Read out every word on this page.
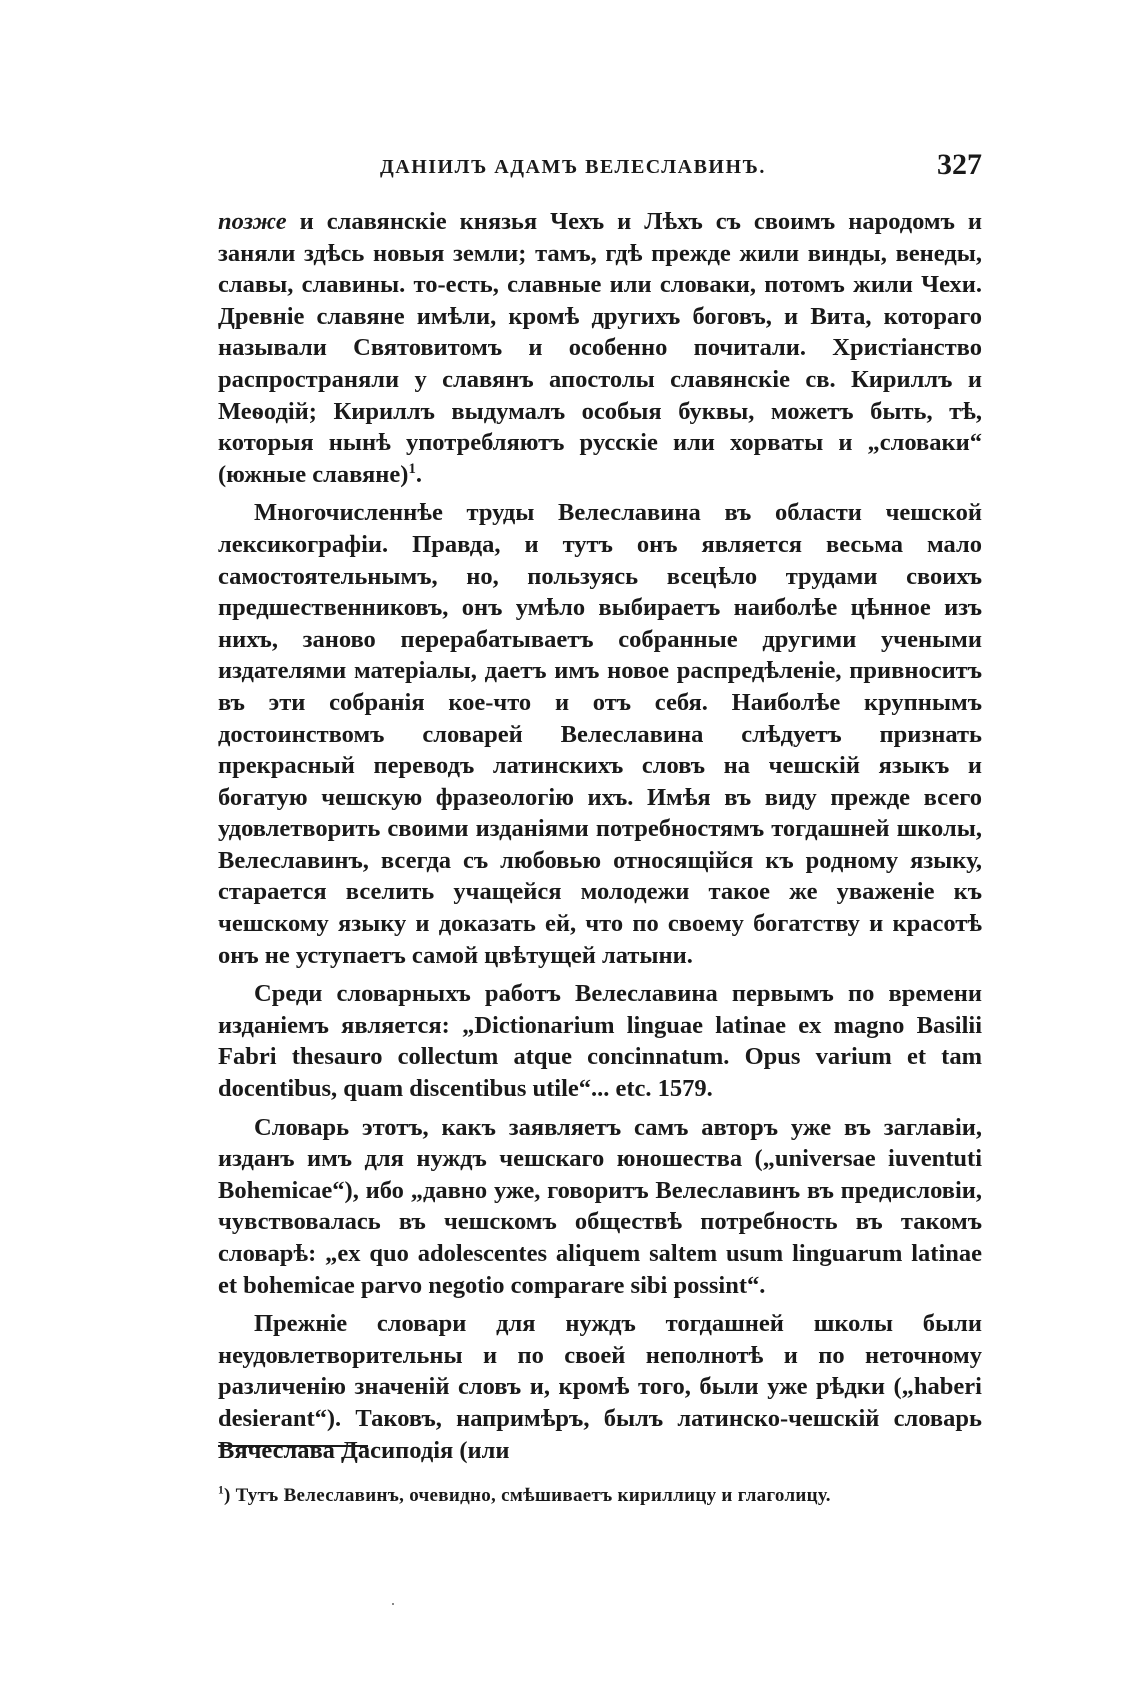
ДАНІИЛЪ АДАМЪ ВЕЛЕСЛАВИНЪ.	327

позже и славянскіе князья Чехъ и Лѣхъ съ своимъ народомъ и заняли здѣсь новыя земли; тамъ, гдѣ прежде жили винды, венеды, славы, славины. то-есть, славные или словаки, потомъ жили Чехи. Древніе славяне имѣли, кромѣ другихъ боговъ, и Вита, котораго называли Святовитомъ и особенно почитали. Христіанство распространяли у славянъ апостолы славянскіе св. Кириллъ и Меѳодій; Кириллъ выдумалъ особыя буквы, можетъ быть, тѣ, которыя нынѣ употребляютъ русскіе или хорваты и „словаки“ (южные славяне)$^1$.

Многочисленнѣе труды Велеславина въ области чешской лексикографіи. Правда, и тутъ онъ является весьма мало самостоятельнымъ, но, пользуясь всецѣло трудами своихъ предшественниковъ, онъ умѣло выбираетъ наиболѣе цѣнное изъ нихъ, заново перерабатываетъ собранные другими учеными издателями матеріалы, даетъ имъ новое распредѣленіе, привноситъ въ эти собранія кое-что и отъ себя. Наиболѣе крупнымъ достоинствомъ словарей Велеславина слѣдуетъ признать прекрасный переводъ латинскихъ словъ на чешскій языкъ и богатую чешскую фразеологію ихъ. Имѣя въ виду прежде всего удовлетворить своими изданіями потребностямъ тогдашней школы, Велеславинъ, всегда съ любовью относящійся къ родному языку, старается вселить учащейся молодежи такое же уваженіе къ чешскому языку и доказать ей, что по своему богатству и красотѣ онъ не уступаетъ самой цвѣтущей латыни.

Среди словарныхъ работъ Велеславина первымъ по времени изданіемъ является: „Dictionarium linguae latinae ex magno Basilii Fabri thesauro collectum atque concinnatum. Opus varium et tam docentibus, quam discentibus utile“... etc. 1579.

Словарь этотъ, какъ заявляетъ самъ авторъ уже въ заглавіи, изданъ имъ для нуждъ чешскаго юношества („universae iuventuti Bohemicae“), ибо „давно уже, говоритъ Велеславинъ въ предисловіи, чувствовалась въ чешскомъ обществѣ потребность въ такомъ словарѣ: „ex quo adolescentes aliquem saltem usum linguarum latinae et bohemicae parvo negotio comparare sibi possint“.

Прежніе словари для нуждъ тогдашней школы были неудовлетворительны и по своей неполнотѣ и по неточному различенію значеній словъ и, кромѣ того, были уже рѣдки („haberi desierant“). Таковъ, напримѣръ, былъ латинско-чешскій словарь Вячеслава Дасиподія (или

$^1$) Тутъ Велеславинъ, очевидно, смѣшиваетъ кириллицу и глаголицу.
